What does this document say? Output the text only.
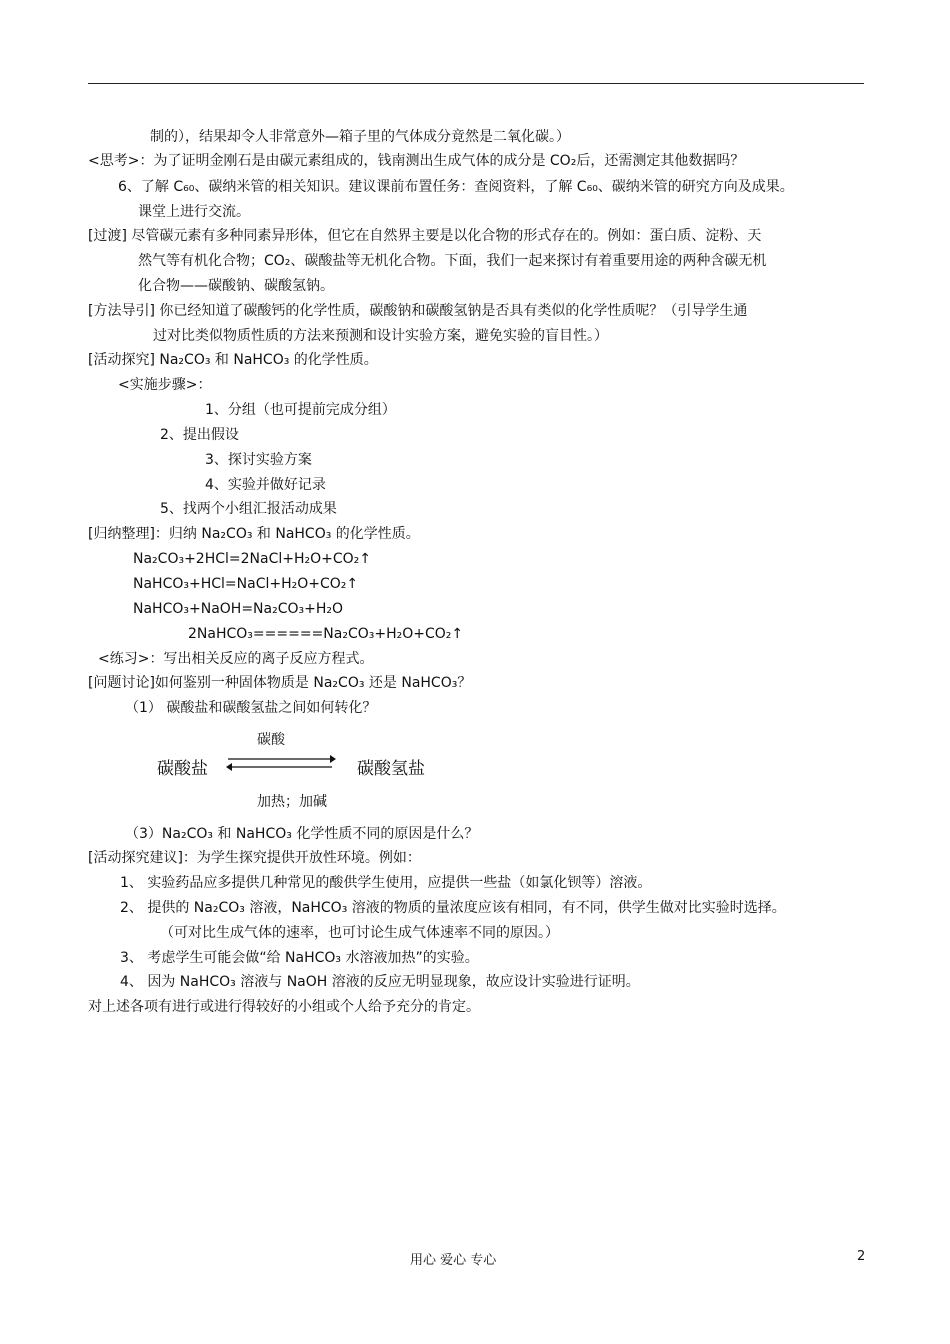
制的），结果却令人非常意外—箱子里的气体成分竟然是二氧化碳。）
<思考>：为了证明金刚石是由碳元素组成的，钱南测出生成气体的成分是 CO₂后，还需测定其他数据吗？
6、了解 C₆₀、碳纳米管的相关知识。建议课前布置任务：查阅资料，了解 C₆₀、碳纳米管的研究方向及成果。
课堂上进行交流。
[过渡] 尽管碳元素有多种同素异形体，但它在自然界主要是以化合物的形式存在的。例如：蛋白质、淀粉、天
然气等有机化合物；CO₂、碳酸盐等无机化合物。下面，我们一起来探讨有着重要用途的两种含碳无机
化合物——碳酸钠、碳酸氢钠。
[方法导引] 你已经知道了碳酸钙的化学性质，碳酸钠和碳酸氢钠是否具有类似的化学性质呢？（引导学生通
过对比类似物质性质的方法来预测和设计实验方案，避免实验的盲目性。）
[活动探究] Na₂CO₃ 和 NaHCO₃ 的化学性质。
<实施步骤>：
1、分组（也可提前完成分组）
2、提出假设
3、探讨实验方案
4、实验并做好记录
5、找两个小组汇报活动成果
[归纳整理]：归纳 Na₂CO₃ 和 NaHCO₃ 的化学性质。
Na₂CO₃+2HCl=2NaCl+H₂O+CO₂↑
NaHCO₃+HCl=NaCl+H₂O+CO₂↑
NaHCO₃+NaOH=Na₂CO₃+H₂O
2NaHCO₃======Na₂CO₃+H₂O+CO₂↑
<练习>：写出相关反应的离子反应方程式。
[问题讨论]如何鉴别一种固体物质是 Na₂CO₃ 还是 NaHCO₃？
（1） 碳酸盐和碳酸氢盐之间如何转化？
碳酸
碳酸盐	碳酸氢盐
加热；加碱
（3）Na₂CO₃ 和 NaHCO₃ 化学性质不同的原因是什么？
[活动探究建议]：为学生探究提供开放性环境。例如：
1、 实验药品应多提供几种常见的酸供学生使用，应提供一些盐（如氯化钡等）溶液。
2、 提供的 Na₂CO₃ 溶液，NaHCO₃ 溶液的物质的量浓度应该有相同，有不同，供学生做对比实验时选择。
（可对比生成气体的速率，也可讨论生成气体速率不同的原因。）
3、 考虑学生可能会做“给 NaHCO₃ 水溶液加热”的实验。
4、 因为 NaHCO₃ 溶液与 NaOH 溶液的反应无明显现象，故应设计实验进行证明。
对上述各项有进行或进行得较好的小组或个人给予充分的肯定。
用心 爱心 专心	2
